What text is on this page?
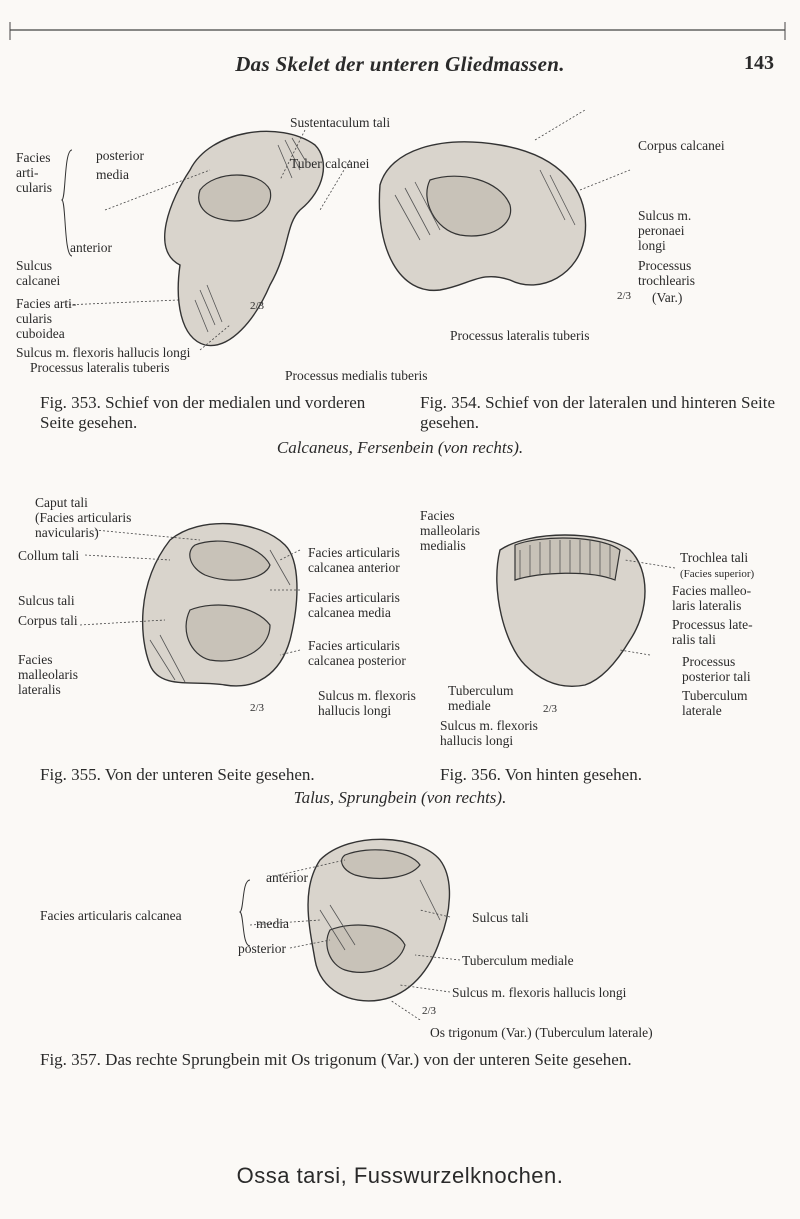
Das Skelet der unteren Gliedmassen.	143
Facies
arti-
cularis
posterior
media
anterior
Sulcus
calcanei
Facies arti-
cularis
cuboidea
Sulcus m. flexoris hallucis longi
Processus lateralis tuberis
Sustentaculum tali
Tuber calcanei
2/3
Processus medialis tuberis
Corpus calcanei
Sulcus m.
peronaei
longi
Processus
trochlearis
2/3 (Var.)
Processus lateralis tuberis
Fig. 353. Schief von der medialen und vorderen Seite gesehen.
Fig. 354. Schief von der lateralen und hinteren Seite gesehen.
Calcaneus, Fersenbein (von rechts).
Caput tali
(Facies articularis
navicularis)
Collum tali
Sulcus tali
Corpus tali
Facies
malleolaris
lateralis
Facies articularis
calcanea anterior
Facies articularis
calcanea media
Facies articularis
calcanea posterior
Sulcus m. flexoris
hallucis longi
2/3
Facies
malleolaris
medialis
Trochlea tali
(Facies superior)
Facies malleo-
laris lateralis
Processus late-
ralis tali
Processus
posterior tali
Tuberculum
laterale
Tuberculum
mediale	2/3
Sulcus m. flexoris
hallucis longi
Fig. 355. Von der unteren Seite gesehen.	Fig. 356. Von hinten gesehen.
Talus, Sprungbein (von rechts).
Facies articularis calcanea
anterior
media
posterior
Sulcus tali
Tuberculum mediale
Sulcus m. flexoris hallucis longi
2/3
Os trigonum (Var.) (Tuberculum laterale)
Fig. 357. Das rechte Sprungbein mit Os trigonum (Var.) von der unteren Seite gesehen.
Ossa tarsi, Fusswurzelknochen.
